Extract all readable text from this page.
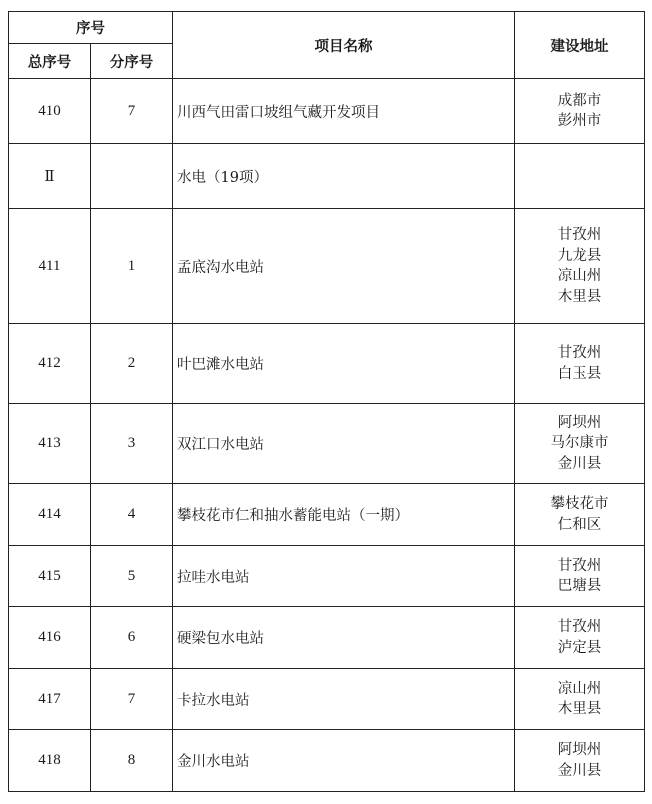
序号		项目名称	建设地址
总序号	分序号		
410	7	川西气田雷口坡组气藏开发项目	成都市
彭州市

Ⅱ		水电（19项）	
411	1	孟底沟水电站	甘孜州
九龙县
凉山州
木里县

412	2	叶巴滩水电站	甘孜州
白玉县

413	3	双江口水电站	阿坝州
马尔康市
金川县

414	4	攀枝花市仁和抽水蓄能电站（一期）	攀枝花市
仁和区

415	5	拉哇水电站	甘孜州
巴塘县

416	6	硬梁包水电站	甘孜州
泸定县

417	7	卡拉水电站	凉山州
木里县

418	8	金川水电站	阿坝州
金川县
